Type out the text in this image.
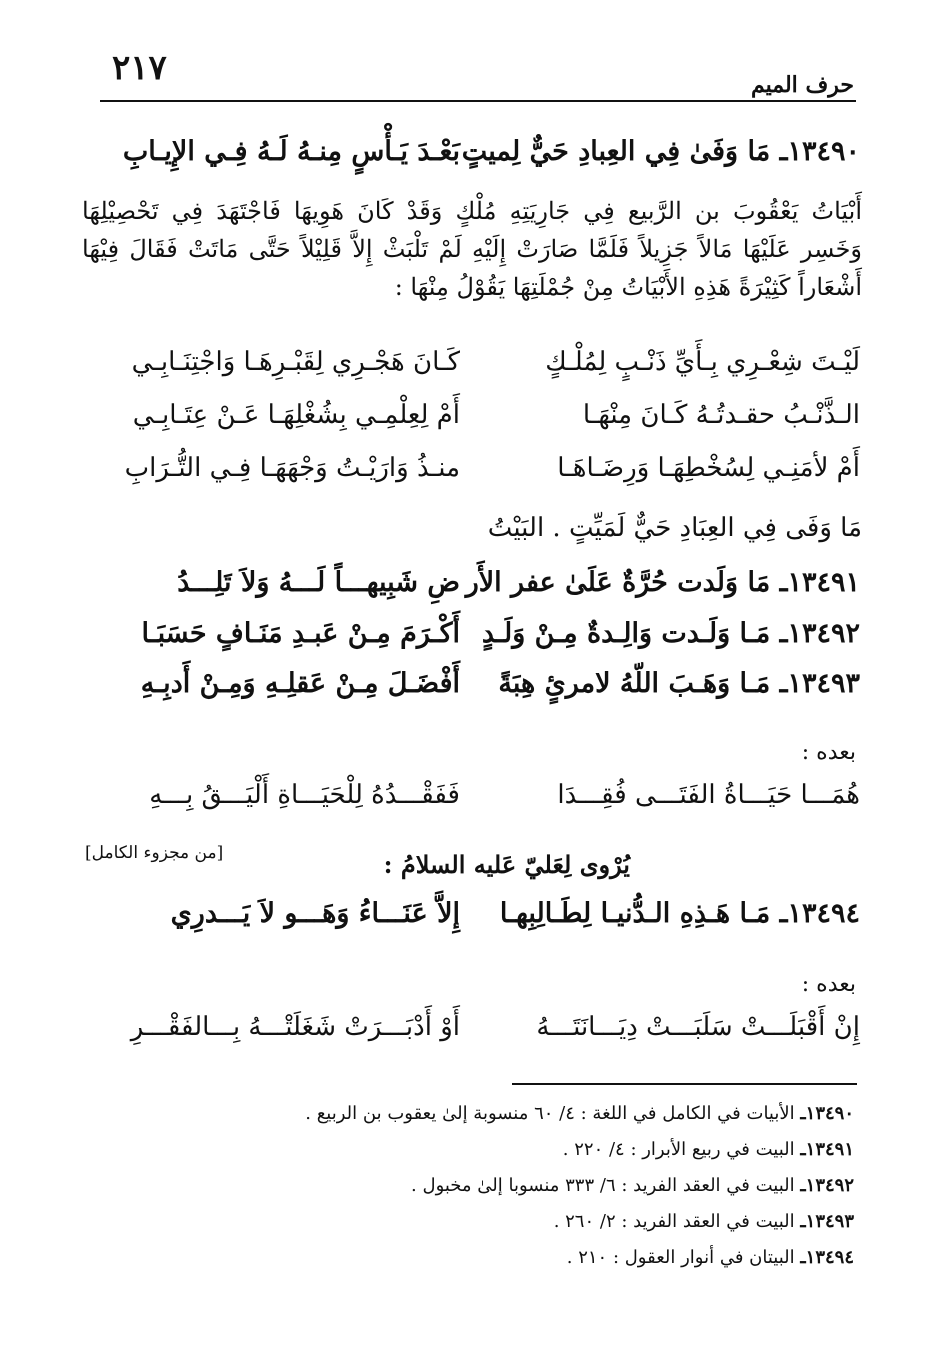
٢١٧	حرف الميم
١٣٤٩٠ـ مَا وَفَىٰ فِي العِبادِ حَيٌّ لِميتٍ
بَعْـدَ يَـأْسٍ مِنـهُ لَـهُ فِـي الإِيـابِ
أَبْيَاتُ يَعْقُوبَ بن الرَّبيع فِي جَارِيَتِهِ مُلْكٍ وَقَدْ كَانَ هَوِيهَا فَاجْتَهَدَ فِي تَحْصِيْلِهَا وَخَسِر عَلَيْهَا مَالاً جَزِيلاً فَلَمَّا صَارَتْ إِلَيْهِ لَمْ تَلْبَثْ إِلاَّ قَلِيْلاً حَتَّى مَاتَتْ فَقَالَ فِيْهَا أَشْعَاراً كَثِيْرَةً هَذِهِ الأَبْيَاتُ مِنْ جُمْلَتِهَا يَقُوْلُ مِنْهَا :
لَيْـتَ شِعْـرِي بِـأَيِّ ذَنْـبٍ لِمُلْـكٍ
كَـانَ هَجْـرِي لِقَبْـرِهَـا وَاجْتِنَـابِـي
الـذَّنْـبُ حقـدتُـهُ كَـانَ مِنْهَـا
أَمْ لِعِلْمِـي بِشُغْلِهَـا عَـنْ عِتَـابِـي
أَمْ لأمَنِـي لِسُخْطِهَـا وَرِضَـاهَـا
منـذُ وَارَيْـتُ وَجْهَهَـا فِـي التُّـرَابِ
مَا وَفَى فِي العِبَادِ حَيٌّ لَمَيِّتٍ . البَيْتُ
١٣٤٩١ـ مَا وَلَدت حُرَّةٌ عَلَىٰ عفر الأَر
ضِ شَبِيهـــاً لَـــهُ وَلاَ تَلِـــدُ
١٣٤٩٢ـ مَـا وَلَـدت وَالِـدةٌ مِـنْ وَلَـدٍ
أَكْـرَمَ مِـنْ عَبـدِ مَنَـافٍ حَسَبَـا
١٣٤٩٣ـ مَـا وَهَـبَ اللّهُ لامرئٍ هِبَةً
أَفْضَـلَ مِـنْ عَقلِـهِ وَمِـنْ أَدبِـهِ
بعده :
هُمَـــا حَيَـــاةُ الفَتَـــى فُقِـــدَا
فَفَقْـــدُهُ لِلْحَيَـــاةِ أَلْيَـــقُ بِـــهِ
يُرْوى لِعَليّ عَليه السلامُ :
[من مجزوء الكامل]
١٣٤٩٤ـ مَـا هَـذِهِ الـدُّنيـا لِطَـالِبِهـا
إِلاَّ عَنَـــاءُ وَهَـــو لاَ يَـــدرِي
بعده :
إِنْ أَقْبَلَـــتْ سَلَبَـــتْ دِيَـــانَتَـــهُ
أَوْ أَدْبَـــرَتْ شَغَلَتْـــهُ بِـــالفَقْـــرِ
١٣٤٩٠ـ الأبيات في الكامل في اللغة : ٤/ ٦٠ منسوبة إلىٰ يعقوب بن الربيع .
١٣٤٩١ـ البيت في ربيع الأبرار : ٤/ ٢٢٠ .
١٣٤٩٢ـ البيت في العقد الفريد : ٦/ ٣٣٣ منسوبا إلىٰ مخبول .
١٣٤٩٣ـ البيت في العقد الفريد : ٢/ ٢٦٠ .
١٣٤٩٤ـ البيتان في أنوار العقول : ٢١٠ .
